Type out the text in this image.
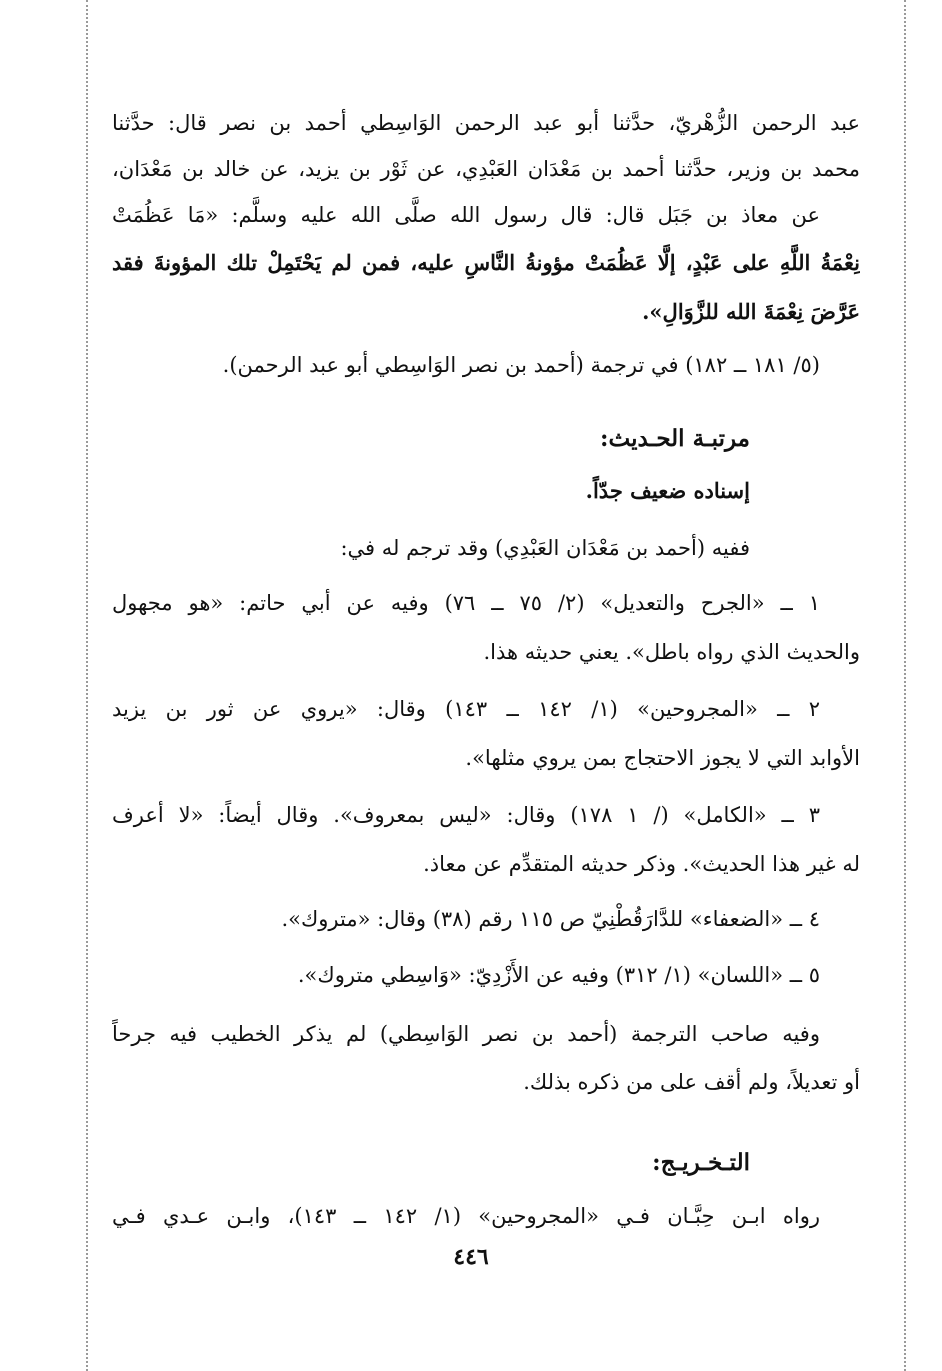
عبد الرحمن الزُّهْريّ، حدَّثنا أبو عبد الرحمن الوَاسِطي أحمد بن نصر قال: حدَّثنا
محمد بن وزير، حدَّثنا أحمد بن مَعْدَان العَبْدِي، عن ثَوْر بن يزيد، عن خالد بن مَعْدَان،
عن معاذ بن جَبَل قال: قال رسول الله صلَّى الله عليه وسلَّم: «مَا عَظُمَتْ
نِعْمَةُ اللَّهِ على عَبْدٍ، إلَّا عَظُمَتْ مؤونةُ النَّاسِ عليه، فمن لم يَحْتَمِلْ تلك المؤونةَ فقد
عَرَّضَ نِعْمَةَ الله للزَّوَالِ».
(٥/ ١٨١ ــ ١٨٢) في ترجمة (أحمد بن نصر الوَاسِطي أبو عبد الرحمن).
مرتبـة الحـديث:
إسناده ضعيف جدّاً.
ففيه (أحمد بن مَعْدَان العَبْدِي) وقد ترجم له في:
١ ــ «الجرح والتعديل» (٢/ ٧٥ ــ ٧٦) وفيه عن أبي حاتم: «هو مجهول
والحديث الذي رواه باطل». يعني حديثه هذا.
٢ ــ «المجروحين» (١/ ١٤٢ ــ ١٤٣) وقال: «يروي عن ثور بن يزيد
الأوابد التي لا يجوز الاحتجاج بمن يروي مثلها».
٣ ــ «الكامل» (/ ١ ١٧٨) وقال: «ليس بمعروف». وقال أيضاً: «لا أعرف
له غير هذا الحديث». وذكر حديثه المتقدِّم عن معاذ.
٤ ــ «الضعفاء» للدَّارَقُطْنِيّ ص ١١٥ رقم (٣٨) وقال: «متروك».
٥ ــ «اللسان» (١/ ٣١٢) وفيه عن الأَزْدِيّ: «وَاسِطي متروك».
وفيه صاحب الترجمة (أحمد بن نصر الوَاسِطي) لم يذكر الخطيب فيه جرحاً
أو تعديلاً، ولم أقف على من ذكره بذلك.
التـخـريـج:
رواه ابـن حِبَّـان فـي «المجروحين» (١/ ١٤٢ ــ ١٤٣)، وابـن عـدي فـي
٤٤٦
